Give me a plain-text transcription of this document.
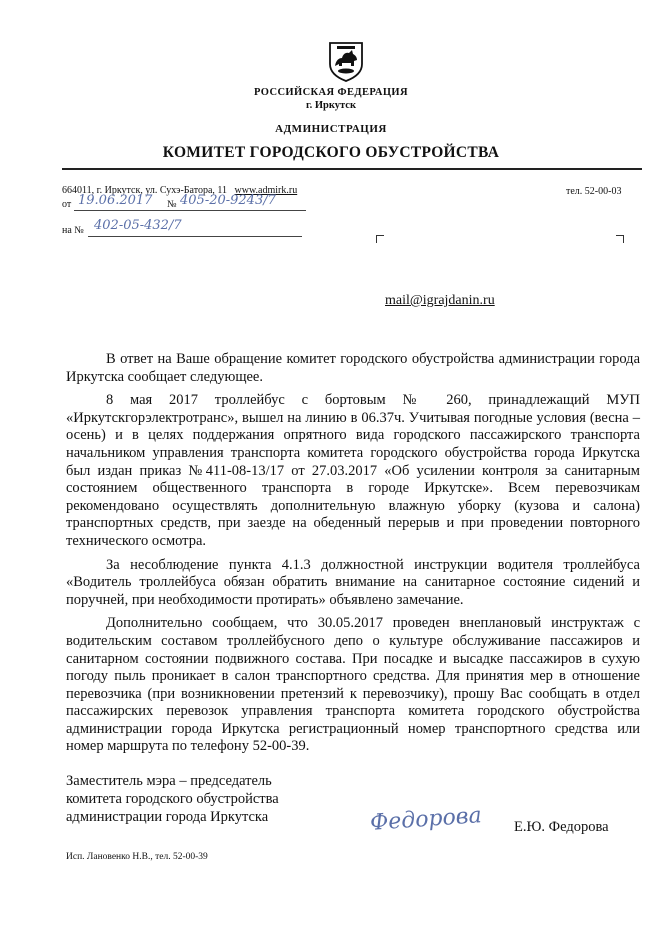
РОССИЙСКАЯ ФЕДЕРАЦИЯ
г. Иркутск
АДМИНИСТРАЦИЯ
КОМИТЕТ ГОРОДСКОГО ОБУСТРОЙСТВА
664011, г. Иркутск, ул. Сухэ-Батора, 11 www.admirk.ru	тел. 52-00-03
от 19.06.2017 № 405-20-9243/7
на № 402-05-432/7
mail@igrajdanin.ru

В ответ на Ваше обращение комитет городского обустройства администрации города Иркутска сообщает следующее.

8 мая 2017 троллейбус с бортовым № 260, принадлежащий МУП «Иркутскгорэлектротранс», вышел на линию в 06.37ч. Учитывая погодные условия (весна – осень) и в целях поддержания опрятного вида городского пассажирского транспорта начальником управления транспорта комитета городского обустройства города Иркутска был издан приказ №411-08-13/17 от 27.03.2017 «Об усилении контроля за санитарным состоянием общественного транспорта в городе Иркутске». Всем перевозчикам рекомендовано осуществлять дополнительную влажную уборку (кузова и салона) транспортных средств, при заезде на обеденный перерыв и при проведении повторного технического осмотра.

За несоблюдение пункта 4.1.3 должностной инструкции водителя троллейбуса «Водитель троллейбуса обязан обратить внимание на санитарное состояние сидений и поручней, при необходимости протирать» объявлено замечание.

Дополнительно сообщаем, что 30.05.2017 проведен внеплановый инструктаж с водительским составом троллейбусного депо о культуре обслуживание пассажиров и санитарном состоянии подвижного состава. При посадке и высадке пассажиров в сухую погоду пыль проникает в салон транспортного средства. Для принятия мер в отношение перевозчика (при возникновении претензий к перевозчику), прошу Вас сообщать в отдел пассажирских перевозок управления транспорта комитета городского обустройства администрации города Иркутска регистрационный номер транспортного средства или номер маршрута по телефону 52-00-39.

Заместитель мэра – председатель
комитета городского обустройства
администрации города Иркутска	Федорова Е.Ю. Федорова
Исп. Лановенко Н.В., тел. 52-00-39
